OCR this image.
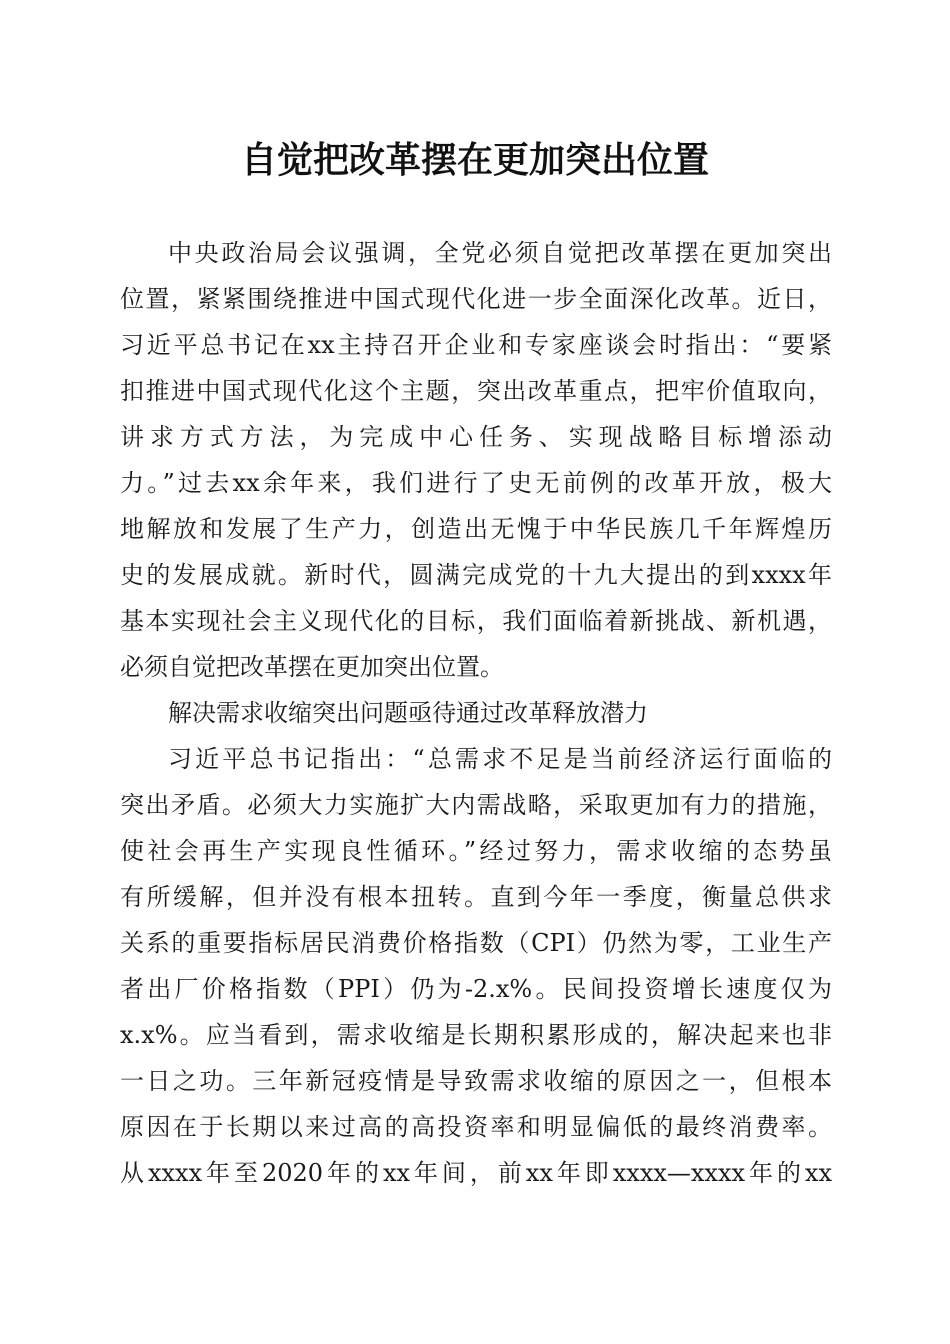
自觉把改革摆在更加突出位置
中央政治局会议强调，全党必须自觉把改革摆在更加突出
位置，紧紧围绕推进中国式现代化进一步全面深化改革。近日，
习近平总书记在xx主持召开企业和专家座谈会时指出：“要紧
扣推进中国式现代化这个主题，突出改革重点，把牢价值取向，
讲求方式方法，为完成中心任务、实现战略目标增添动
力。”过去xx余年来，我们进行了史无前例的改革开放，极大
地解放和发展了生产力，创造出无愧于中华民族几千年辉煌历
史的发展成就。新时代，圆满完成党的十九大提出的到xxxx年
基本实现社会主义现代化的目标，我们面临着新挑战、新机遇，
必须自觉把改革摆在更加突出位置。
解决需求收缩突出问题亟待通过改革释放潜力
习近平总书记指出：“总需求不足是当前经济运行面临的
突出矛盾。必须大力实施扩大内需战略，采取更加有力的措施，
使社会再生产实现良性循环。”经过努力，需求收缩的态势虽
有所缓解，但并没有根本扭转。直到今年一季度，衡量总供求
关系的重要指标居民消费价格指数（CPI）仍然为零，工业生产
者出厂价格指数（PPI）仍为-2.x%。民间投资增长速度仅为
x.x%。应当看到，需求收缩是长期积累形成的，解决起来也非
一日之功。三年新冠疫情是导致需求收缩的原因之一，但根本
原因在于长期以来过高的高投资率和明显偏低的最终消费率。
从xxxx年至2020年的xx年间，前xx年即xxxx—xxxx年的xx
